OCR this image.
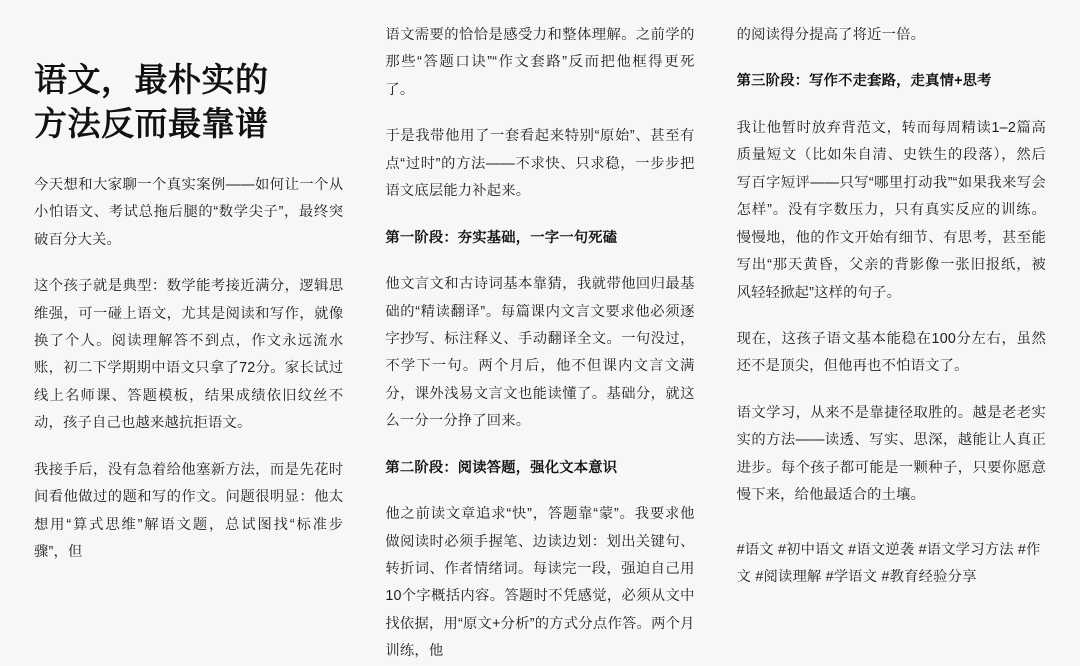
语文，最朴实的
方法反而最靠谱

今天想和大家聊一个真实案例——如何让一个从小怕语文、考试总拖后腿的“数学尖子”，最终突破百分大关。

这个孩子就是典型：数学能考接近满分，逻辑思维强，可一碰上语文，尤其是阅读和写作，就像换了个人。阅读理解答不到点，作文永远流水账，初二下学期期中语文只拿了72分。家长试过线上名师课、答题模板，结果成绩依旧纹丝不动，孩子自己也越来越抗拒语文。

我接手后，没有急着给他塞新方法，而是先花时间看他做过的题和写的作文。问题很明显：他太想用“算式思维”解语文题，总试图找“标准步骤”，但

语文需要的恰恰是感受力和整体理解。之前学的那些“答题口诀”“作文套路”反而把他框得更死了。

于是我带他用了一套看起来特别“原始”、甚至有点“过时”的方法——不求快、只求稳，一步步把语文底层能力补起来。

第一阶段：夯实基础，一字一句死磕

他文言文和古诗词基本靠猜，我就带他回归最基础的“精读翻译”。每篇课内文言文要求他必须逐字抄写、标注释义、手动翻译全文。一句没过，不学下一句。两个月后，他不但课内文言文满分，课外浅易文言文也能读懂了。基础分，就这么一分一分挣了回来。

第二阶段：阅读答题，强化文本意识

他之前读文章追求“快”，答题靠“蒙”。我要求他做阅读时必须手握笔、边读边划：划出关键句、转折词、作者情绪词。每读完一段，强迫自己用10个字概括内容。答题时不凭感觉，必须从文中找依据，用“原文+分析”的方式分点作答。两个月训练，他

的阅读得分提高了将近一倍。

第三阶段：写作不走套路，走真情+思考

我让他暂时放弃背范文，转而每周精读1–2篇高质量短文（比如朱自清、史铁生的段落），然后写百字短评——只写“哪里打动我”“如果我来写会怎样”。没有字数压力，只有真实反应的训练。慢慢地，他的作文开始有细节、有思考，甚至能写出“那天黄昏，父亲的背影像一张旧报纸，被风轻轻掀起”这样的句子。

现在，这孩子语文基本能稳在100分左右，虽然还不是顶尖，但他再也不怕语文了。

语文学习，从来不是靠捷径取胜的。越是老老实实的方法——读透、写实、思深，越能让人真正进步。每个孩子都可能是一颗种子，只要你愿意慢下来，给他最适合的土壤。

#语文 #初中语文 #语文逆袭 #语文学习方法 #作文 #阅读理解 #学语文 #教育经验分享
